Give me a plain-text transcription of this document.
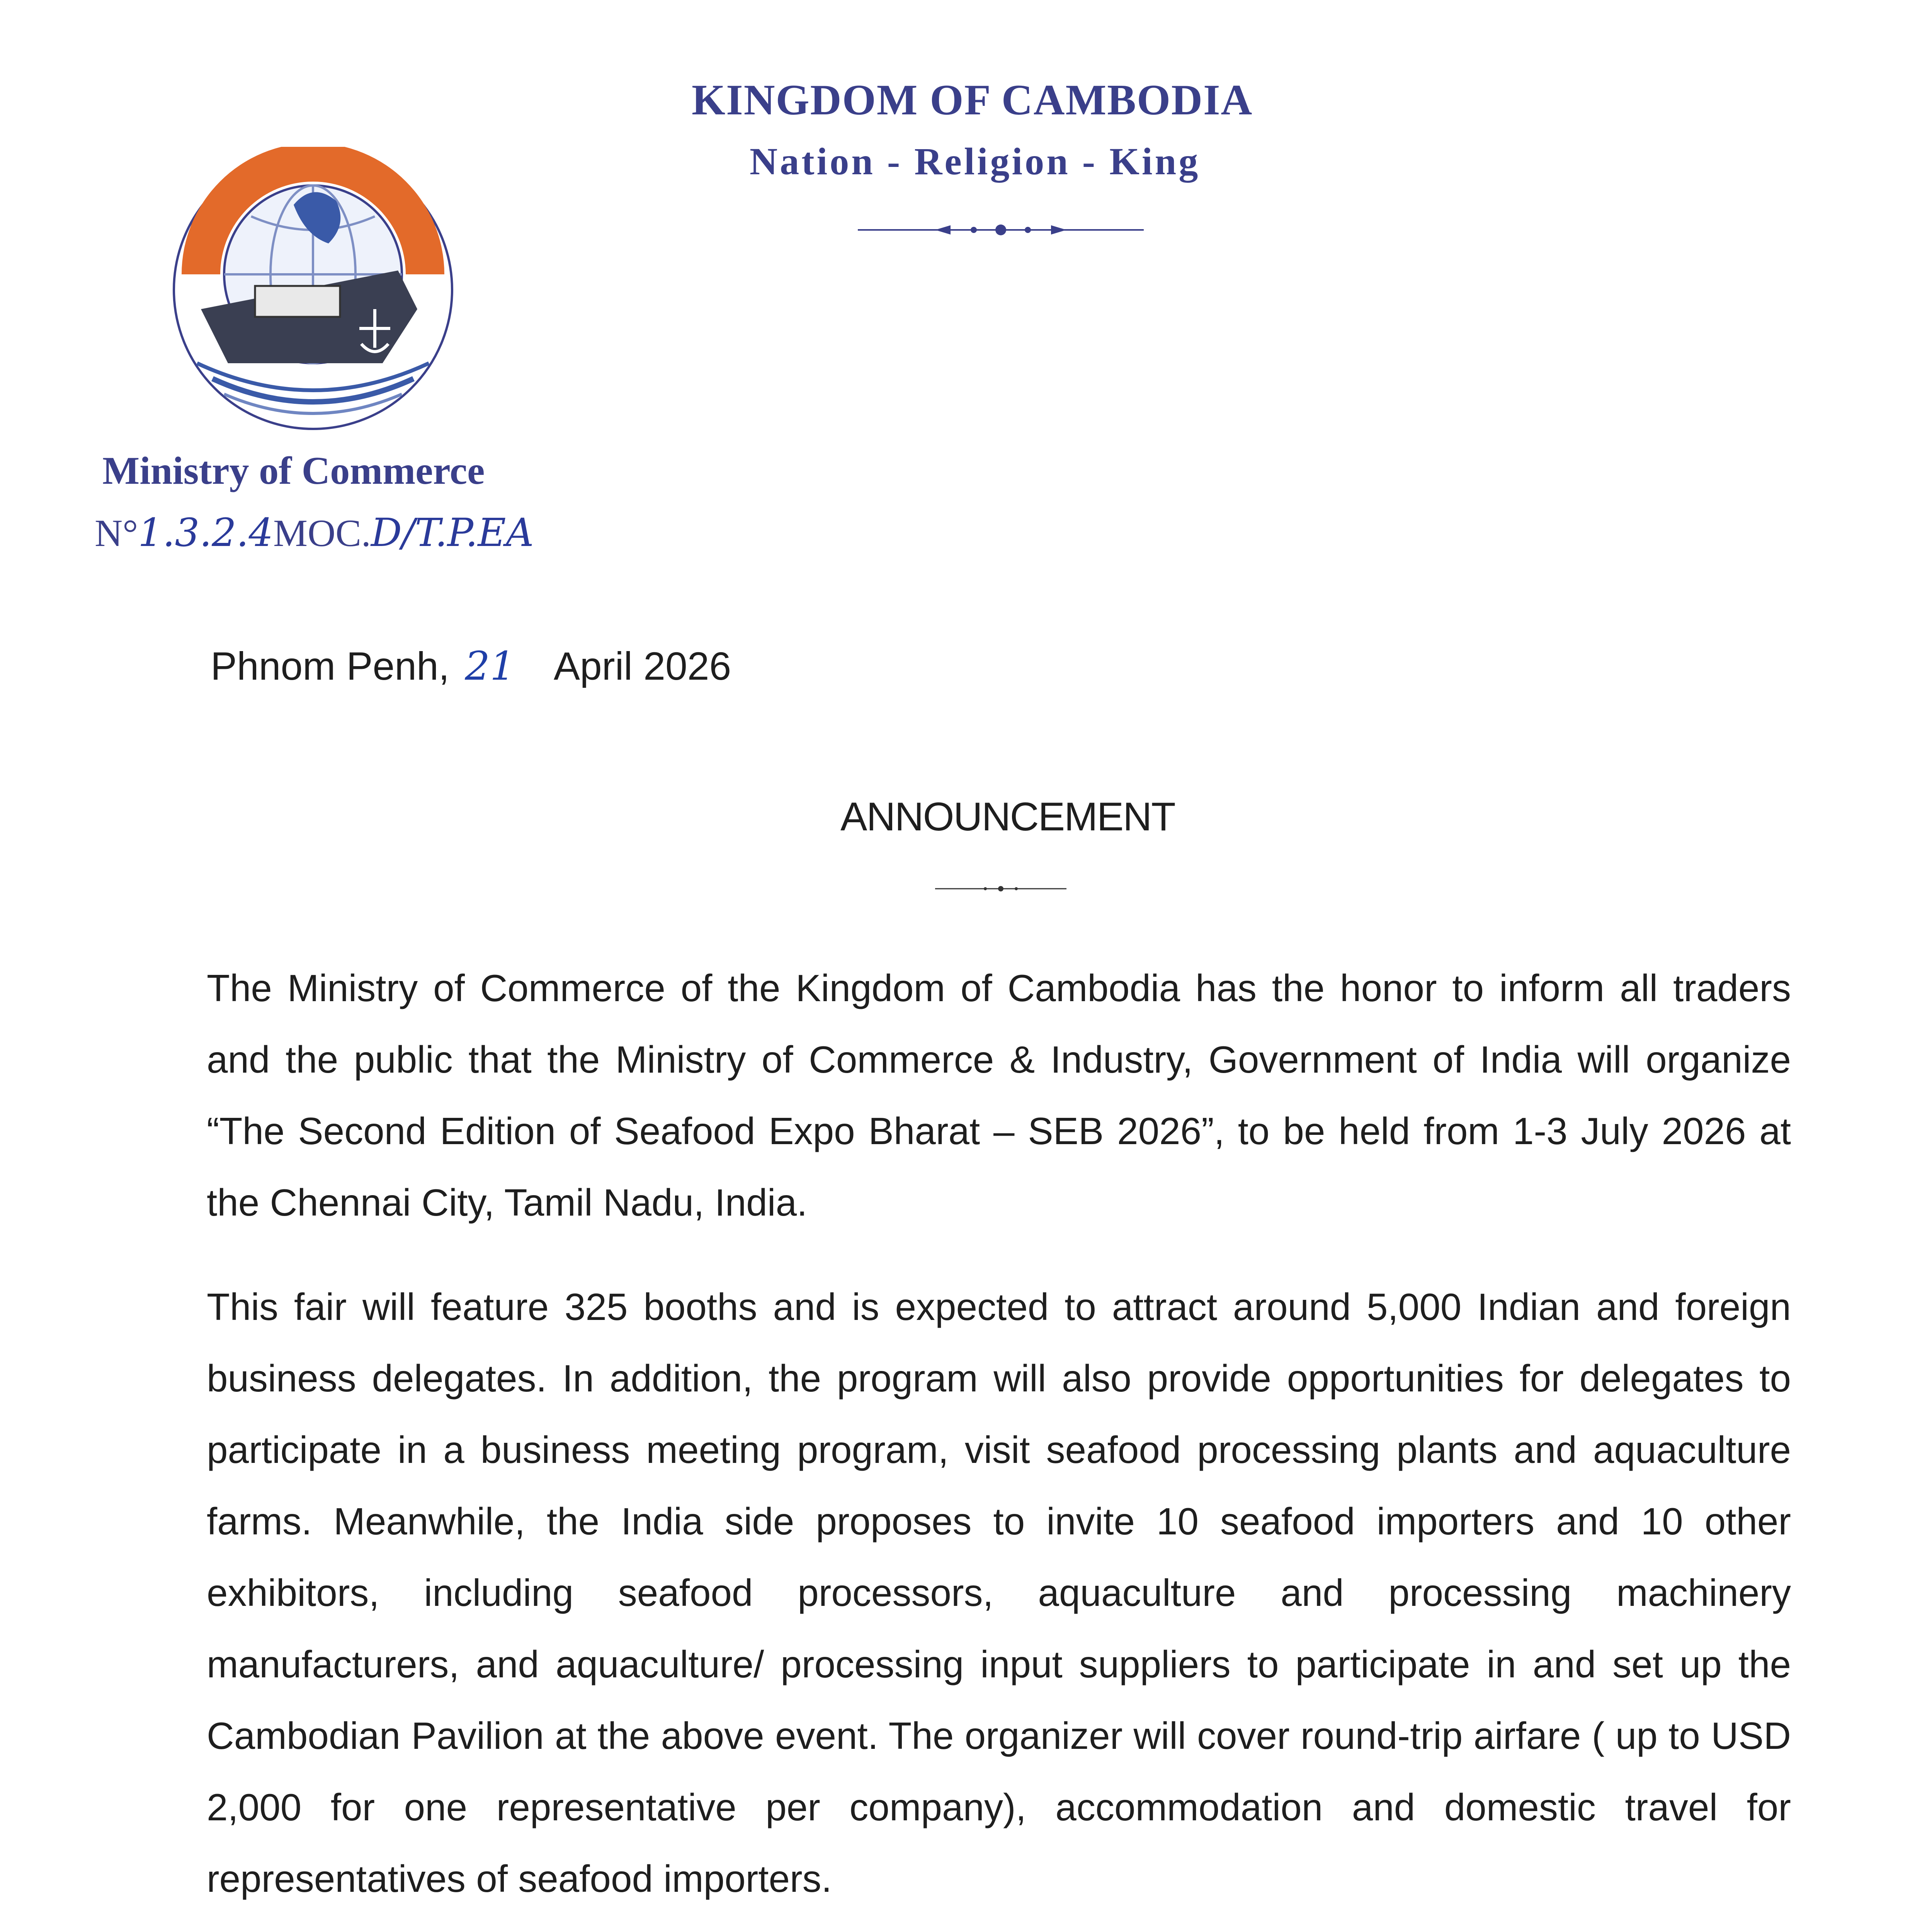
KINGDOM OF CAMBODIA
Nation - Religion - King
Ministry of Commerce
N°1.3.2.4MOC.D/T.P.EA
Phnom Penh, 21 April 2026
ANNOUNCEMENT
The Ministry of Commerce of the Kingdom of Cambodia has the honor to inform all traders and the public that the Ministry of Commerce & Industry, Government of India will organize “The Second Edition of Seafood Expo Bharat – SEB 2026”, to be held from 1-3 July 2026 at the Chennai City, Tamil Nadu, India.
This fair will feature 325 booths and is expected to attract around 5,000 Indian and foreign business delegates. In addition, the program will also provide opportunities for delegates to participate in a business meeting program, visit seafood processing plants and aquaculture farms. Meanwhile, the India side proposes to invite 10 seafood importers and 10 other exhibitors, including seafood processors, aquaculture and processing machinery manufacturers, and aquaculture/ processing input suppliers to participate in and set up the Cambodian Pavilion at the above event. The organizer will cover round-trip airfare ( up to USD 2,000 for one representative per company), accommodation and domestic travel for representatives of seafood importers.
